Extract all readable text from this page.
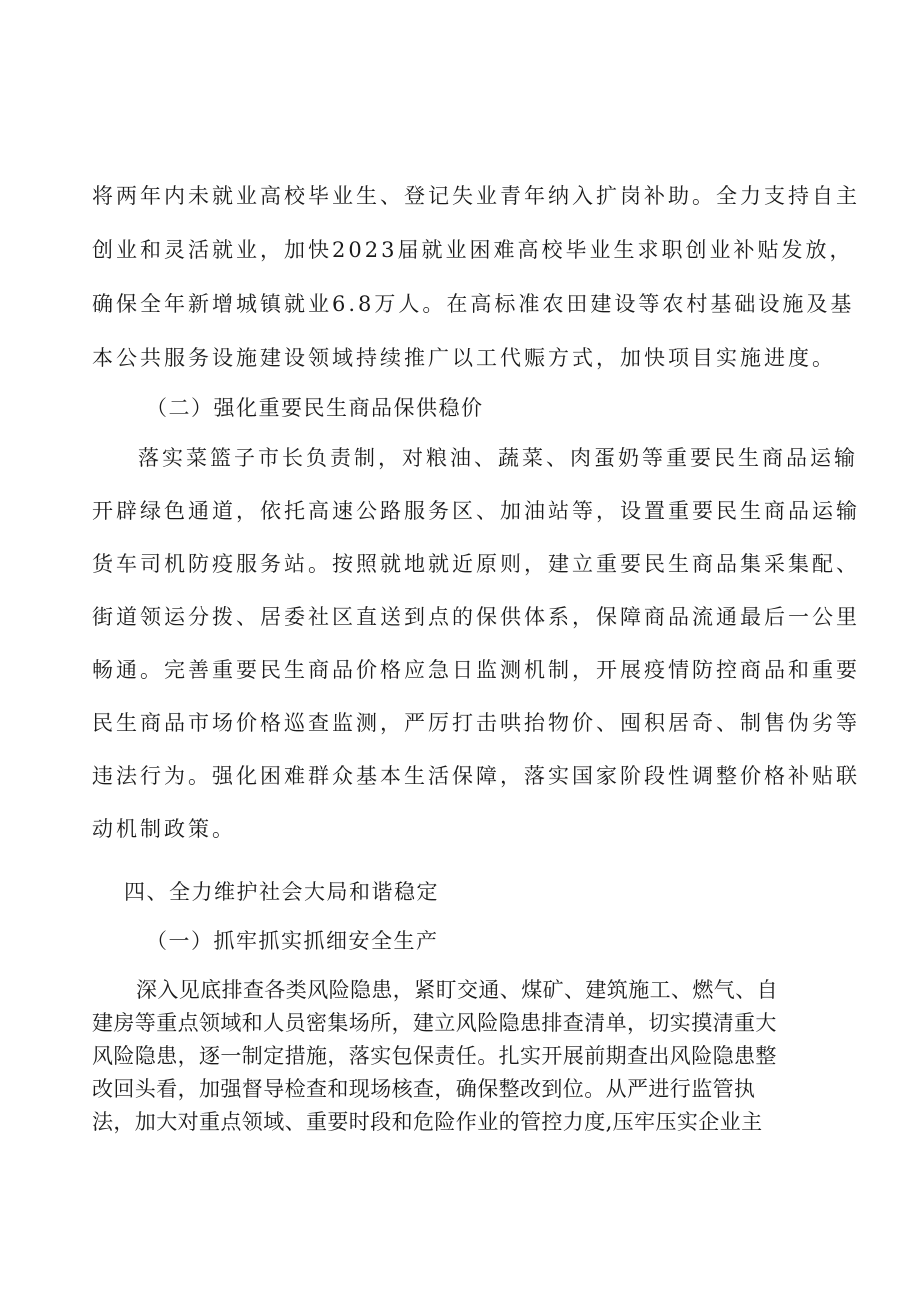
将两年内未就业高校毕业生、登记失业青年纳入扩岗补助。全力支持自主
创业和灵活就业，加快2023届就业困难高校毕业生求职创业补贴发放，
确保全年新增城镇就业6.8万人。在高标准农田建设等农村基础设施及基
本公共服务设施建设领域持续推广以工代赈方式，加快项目实施进度。
（二）强化重要民生商品保供稳价
落实菜篮子市长负责制，对粮油、蔬菜、肉蛋奶等重要民生商品运输
开辟绿色通道，依托高速公路服务区、加油站等，设置重要民生商品运输
货车司机防疫服务站。按照就地就近原则，建立重要民生商品集采集配、
街道领运分拨、居委社区直送到点的保供体系，保障商品流通最后一公里
畅通。完善重要民生商品价格应急日监测机制，开展疫情防控商品和重要
民生商品市场价格巡查监测，严厉打击哄抬物价、囤积居奇、制售伪劣等
违法行为。强化困难群众基本生活保障，落实国家阶段性调整价格补贴联
动机制政策。
四、全力维护社会大局和谐稳定
（一）抓牢抓实抓细安全生产
深入见底排查各类风险隐患，紧盯交通、煤矿、建筑施工、燃气、自
建房等重点领域和人员密集场所，建立风险隐患排查清单，切实摸清重大
风险隐患，逐一制定措施，落实包保责任。扎实开展前期查出风险隐患整
改回头看，加强督导检查和现场核查，确保整改到位。从严进行监管执
法，加大对重点领域、重要时段和危险作业的管控力度,压牢压实企业主
